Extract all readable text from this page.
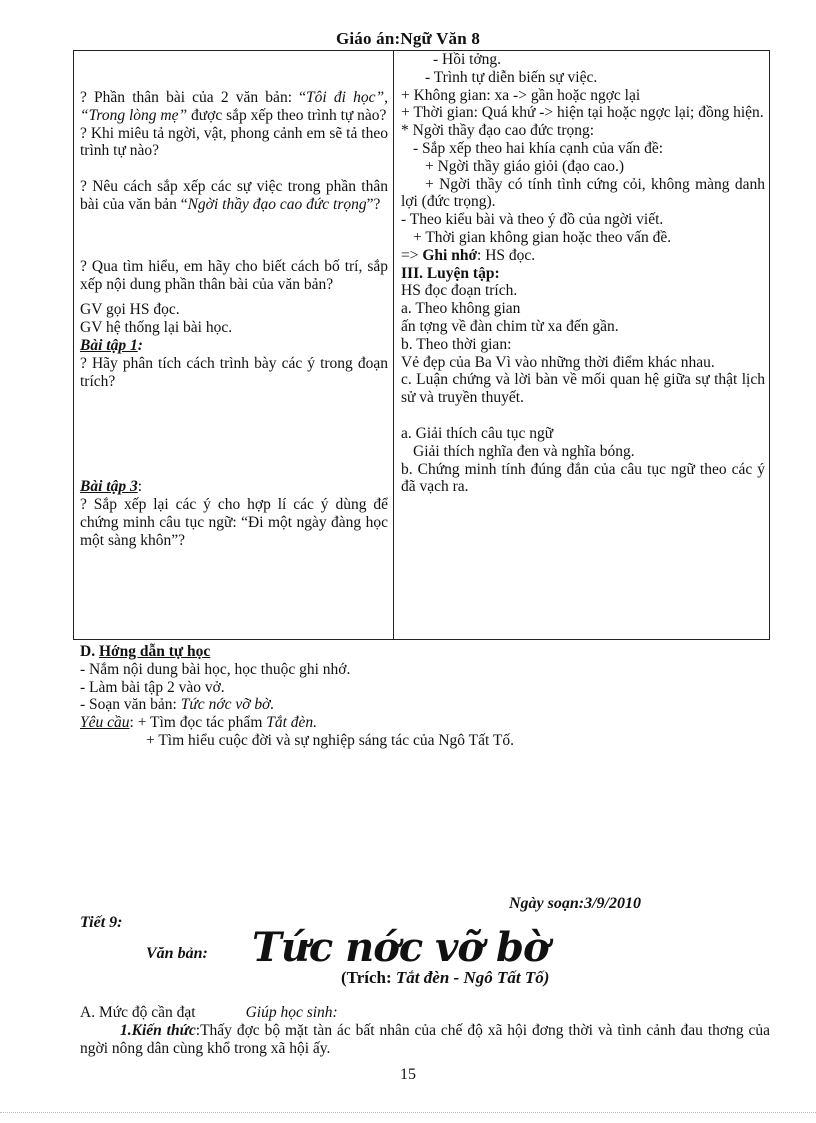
Giáo án:Ngữ Văn 8

? Phần thân bài của 2 văn bản: “Tôi đi học”, “Trong lòng mẹ” được sắp xếp theo trình tự nào?

? Khi miêu tả ngời, vật, phong cảnh em sẽ tả theo trình tự nào?

? Nêu cách sắp xếp các sự việc trong phần thân bài của văn bản “Ngời thầy đạo cao đức trọng”?

? Qua tìm hiểu, em hãy cho biết cách bố trí, sắp xếp nội dung phần thân bài của văn bản?

GV gọi HS đọc.

GV hệ thống lại bài học.

Bài tập 1:

? Hãy phân tích cách trình bày các ý trong đoạn trích?

Bài tập 3:

? Sắp xếp lại các ý cho hợp lí các ý dùng để chứng minh câu tục ngữ: “Đi một ngày đàng học một sàng khôn”?

- Hồi tởng.

- Trình tự diễn biến sự việc.

+ Không gian: xa -> gần hoặc ngợc lại

+ Thời gian: Quá khứ -> hiện tại hoặc ngợc lại; đồng hiện.

* Ngời thầy đạo cao đức trọng:

- Sắp xếp theo hai khía cạnh của vấn đề:

+ Ngời thầy giáo giỏi (đạo cao.)

+ Ngời thầy có tính tình cứng cỏi, không màng danh lợi (đức trọng).

- Theo kiểu bài và theo ý đồ của ngời viết.

+ Thời gian không gian hoặc theo vấn đề.

=> Ghi nhớ: HS đọc.

III. Luyện tập:

HS đọc đoạn trích.

a. Theo không gian

ấn tợng về đàn chim từ xa đến gần.

b. Theo thời gian:

Vẻ đẹp của Ba Vì vào những thời điểm khác nhau.

c. Luận chứng và lời bàn về mối quan hệ giữa sự thật lịch sử và truyền thuyết.

a. Giải thích câu tục ngữ

Giải thích nghĩa đen và nghĩa bóng.

b. Chứng minh tính đúng đắn của câu tục ngữ theo các ý đã vạch ra.

D. Hớng dẫn tự học

- Nắm nội dung bài học, học thuộc ghi nhớ.

- Làm bài tập 2 vào vở.

- Soạn văn bản: Tức nớc vỡ bờ.

Yêu cầu: + Tìm đọc tác phẩm Tắt đèn.

+ Tìm hiểu cuộc đời và sự nghiệp sáng tác của Ngô Tất Tố.

Ngày soạn:3/9/2010
Tiết 9:
Văn bản: Tức nớc vỡ bờ
(Trích: Tắt đèn - Ngô Tất Tố)

A. Mức độ cần đạt	Giúp học sinh:

1.Kiến thức:Thấy đợc bộ mặt tàn ác bất nhân của chế độ xã hội đơng thời và tình cảnh đau thơng của ngời nông dân cùng khổ trong xã hội ấy.

15
